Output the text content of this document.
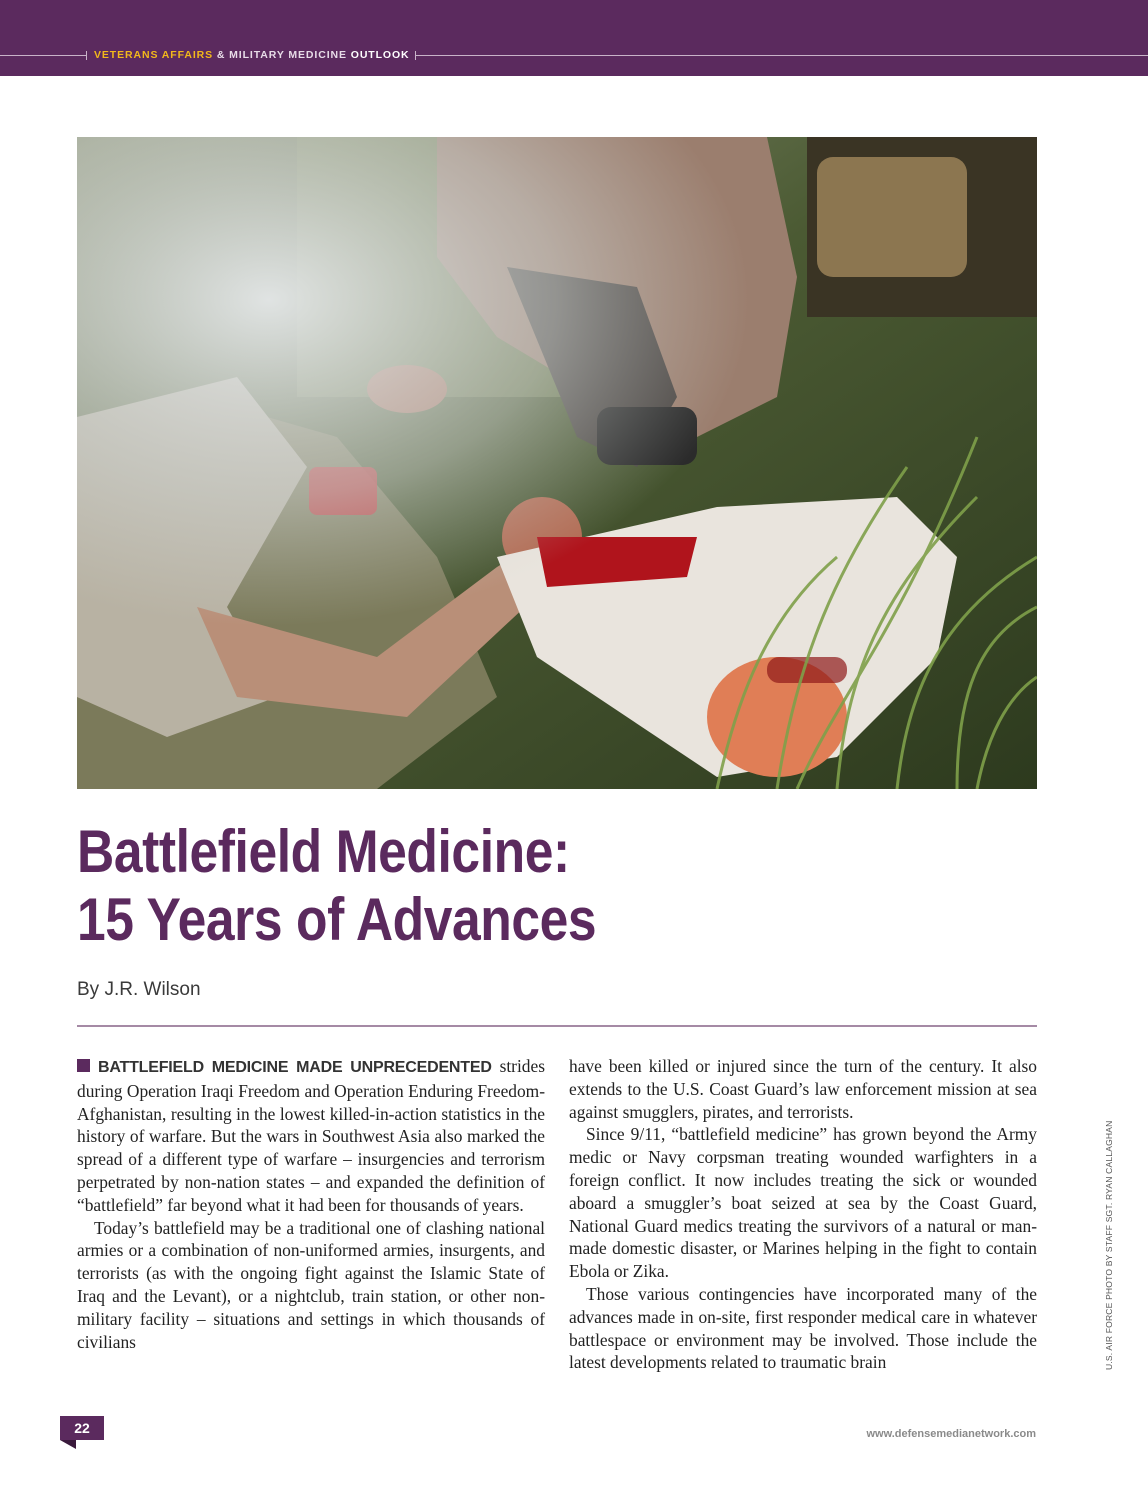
VETERANS AFFAIRS & MILITARY MEDICINE OUTLOOK
Battlefield Medicine:
15 Years of Advances
By J.R. Wilson

BATTLEFIELD MEDICINE MADE UNPRECEDENTED strides during Operation Iraqi Freedom and Operation Enduring Freedom-Afghanistan, resulting in the lowest killed-in-action statistics in the history of warfare. But the wars in Southwest Asia also marked the spread of a different type of warfare – insurgencies and terrorism perpetrated by non-nation states – and expanded the definition of “battlefield” far beyond what it had been for thousands of years.

Today’s battlefield may be a traditional one of clashing national armies or a combination of non-uniformed armies, insurgents, and terrorists (as with the ongoing fight against the Islamic State of Iraq and the Levant), or a nightclub, train station, or other non-military facility – situations and settings in which thousands of civilians

have been killed or injured since the turn of the century. It also extends to the U.S. Coast Guard’s law enforcement mission at sea against smugglers, pirates, and terrorists.

Since 9/11, “battlefield medicine” has grown beyond the Army medic or Navy corpsman treating wounded warfighters in a foreign conflict. It now includes treating the sick or wounded aboard a smuggler’s boat seized at sea by the Coast Guard, National Guard medics treating the survivors of a natural or man-made domestic disaster, or Marines helping in the fight to contain Ebola or Zika.

Those various contingencies have incorporated many of the advances made in on-site, first responder medical care in whatever battlespace or environment may be involved. Those include the latest developments related to traumatic brain	U.S. AIR FORCE PHOTO BY STAFF SGT. RYAN CALLAGHAN
22	www.defensemedianetwork.com
